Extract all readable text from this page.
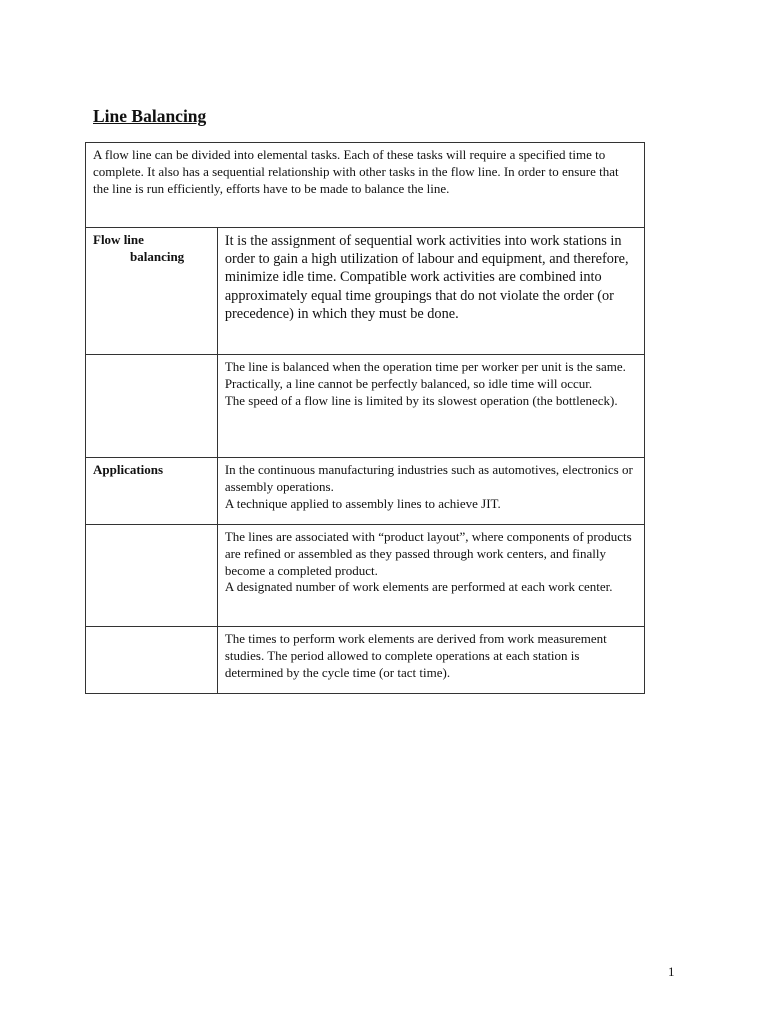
Line Balancing
A flow line can be divided into elemental tasks. Each of these tasks will require a specified time to complete. It also has a sequential relationship with other tasks in the flow line. In order to ensure that the line is run efficiently, efforts have to be made to balance the line.	

Flow line
balancing	It is the assignment of sequential work activities into work stations in order to gain a high utilization of labour and equipment, and therefore, minimize idle time. Compatible work activities are combined into approximately equal time groupings that do not violate the order (or precedence) in which they must be done.

	The line is balanced when the operation time per worker per unit is the same. Practically, a line cannot be perfectly balanced, so idle time will occur.
The speed of a flow line is limited by its slowest operation (the bottleneck).

Applications	In the continuous manufacturing industries such as automotives, electronics or assembly operations.
A technique applied to assembly lines to achieve JIT.

	The lines are associated with “product layout”, where components of products are refined or assembled as they passed through work centers, and finally become a completed product.
A designated number of work elements are performed at each work center.

	The times to perform work elements are derived from work measurement studies. The period allowed to complete operations at each station is determined by the cycle time (or tact time).
1
